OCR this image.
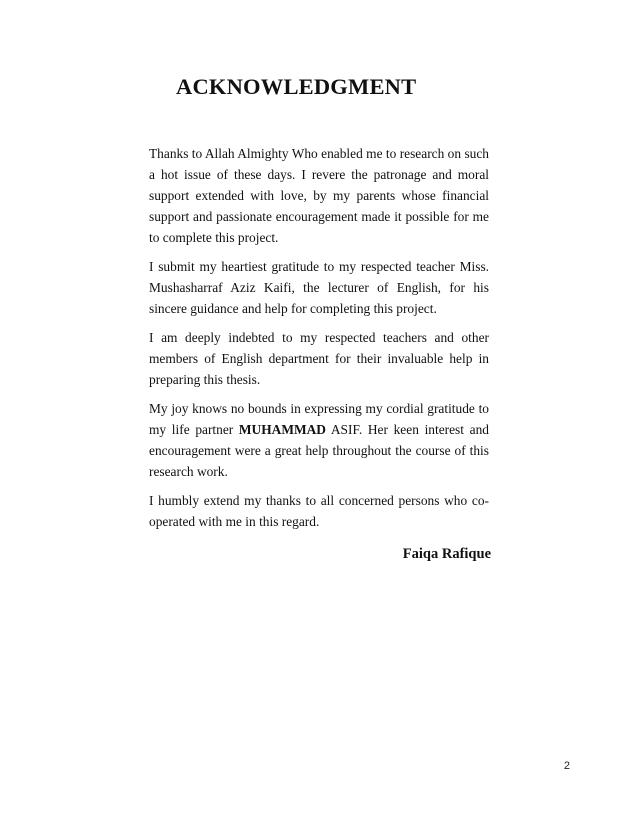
ACKNOWLEDGMENT

Thanks to Allah Almighty Who enabled me to research on such a hot issue of these days. I revere the patronage and moral support extended with love, by my parents whose financial support and passionate encouragement made it possible for me to complete this project.

I submit my heartiest gratitude to my respected teacher Miss. Mushasharraf Aziz Kaifi, the lecturer of English, for his sincere guidance and help for completing this project.

I am deeply indebted to my respected teachers and other members of English department for their invaluable help in preparing this thesis.

My joy knows no bounds in expressing my cordial gratitude to my life partner MUHAMMAD ASIF. Her keen interest and encouragement were a great help throughout the course of this research work.

I humbly extend my thanks to all concerned persons who co-operated with me in this regard.

Faiqa Rafique
2
